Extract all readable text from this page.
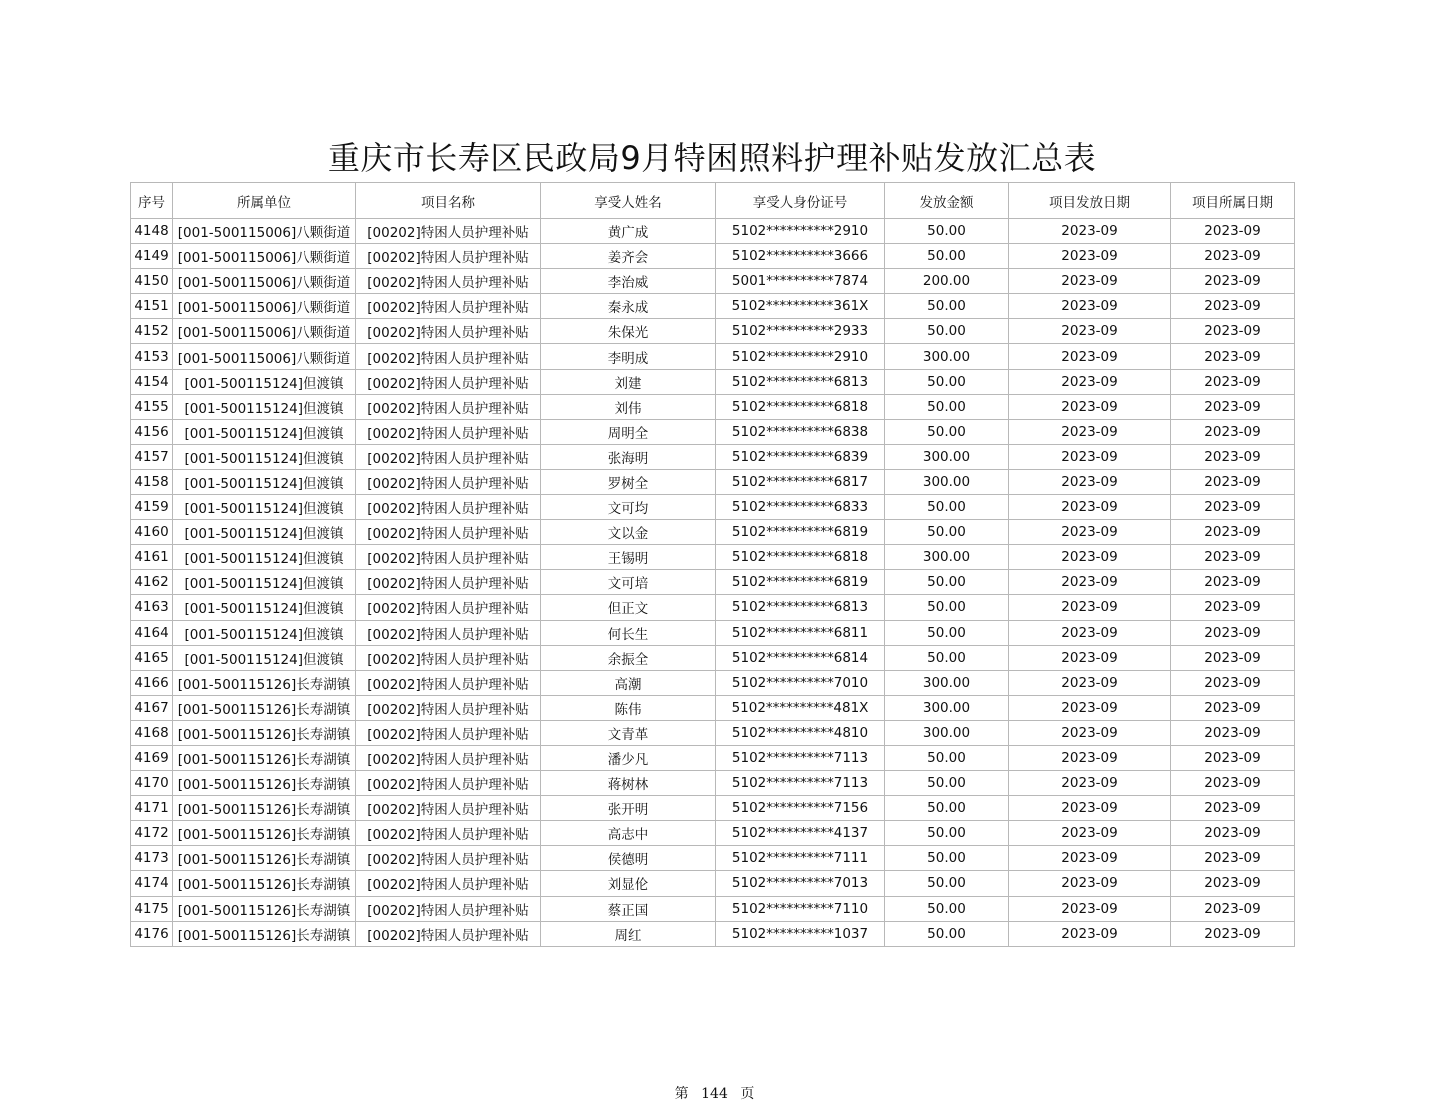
重庆市长寿区民政局9月特困照料护理补贴发放汇总表
序号	所属单位	项目名称	享受人姓名	享受人身份证号	发放金额	项目发放日期	项目所属日期
4148	[001-500115006]八颗街道	[00202]特困人员护理补贴	黄广成	5102**********2910	50.00	2023-09	2023-09
4149	[001-500115006]八颗街道	[00202]特困人员护理补贴	姜齐会	5102**********3666	50.00	2023-09	2023-09
4150	[001-500115006]八颗街道	[00202]特困人员护理补贴	李治威	5001**********7874	200.00	2023-09	2023-09
4151	[001-500115006]八颗街道	[00202]特困人员护理补贴	秦永成	5102**********361X	50.00	2023-09	2023-09
4152	[001-500115006]八颗街道	[00202]特困人员护理补贴	朱保光	5102**********2933	50.00	2023-09	2023-09
4153	[001-500115006]八颗街道	[00202]特困人员护理补贴	李明成	5102**********2910	300.00	2023-09	2023-09
4154	[001-500115124]但渡镇	[00202]特困人员护理补贴	刘建	5102**********6813	50.00	2023-09	2023-09
4155	[001-500115124]但渡镇	[00202]特困人员护理补贴	刘伟	5102**********6818	50.00	2023-09	2023-09
4156	[001-500115124]但渡镇	[00202]特困人员护理补贴	周明全	5102**********6838	50.00	2023-09	2023-09
4157	[001-500115124]但渡镇	[00202]特困人员护理补贴	张海明	5102**********6839	300.00	2023-09	2023-09
4158	[001-500115124]但渡镇	[00202]特困人员护理补贴	罗树全	5102**********6817	300.00	2023-09	2023-09
4159	[001-500115124]但渡镇	[00202]特困人员护理补贴	文可均	5102**********6833	50.00	2023-09	2023-09
4160	[001-500115124]但渡镇	[00202]特困人员护理补贴	文以金	5102**********6819	50.00	2023-09	2023-09
4161	[001-500115124]但渡镇	[00202]特困人员护理补贴	王锡明	5102**********6818	300.00	2023-09	2023-09
4162	[001-500115124]但渡镇	[00202]特困人员护理补贴	文可培	5102**********6819	50.00	2023-09	2023-09
4163	[001-500115124]但渡镇	[00202]特困人员护理补贴	但正文	5102**********6813	50.00	2023-09	2023-09
4164	[001-500115124]但渡镇	[00202]特困人员护理补贴	何长生	5102**********6811	50.00	2023-09	2023-09
4165	[001-500115124]但渡镇	[00202]特困人员护理补贴	余振全	5102**********6814	50.00	2023-09	2023-09
4166	[001-500115126]长寿湖镇	[00202]特困人员护理补贴	高潮	5102**********7010	300.00	2023-09	2023-09
4167	[001-500115126]长寿湖镇	[00202]特困人员护理补贴	陈伟	5102**********481X	300.00	2023-09	2023-09
4168	[001-500115126]长寿湖镇	[00202]特困人员护理补贴	文青革	5102**********4810	300.00	2023-09	2023-09
4169	[001-500115126]长寿湖镇	[00202]特困人员护理补贴	潘少凡	5102**********7113	50.00	2023-09	2023-09
4170	[001-500115126]长寿湖镇	[00202]特困人员护理补贴	蒋树林	5102**********7113	50.00	2023-09	2023-09
4171	[001-500115126]长寿湖镇	[00202]特困人员护理补贴	张开明	5102**********7156	50.00	2023-09	2023-09
4172	[001-500115126]长寿湖镇	[00202]特困人员护理补贴	高志中	5102**********4137	50.00	2023-09	2023-09
4173	[001-500115126]长寿湖镇	[00202]特困人员护理补贴	侯德明	5102**********7111	50.00	2023-09	2023-09
4174	[001-500115126]长寿湖镇	[00202]特困人员护理补贴	刘显伦	5102**********7013	50.00	2023-09	2023-09
4175	[001-500115126]长寿湖镇	[00202]特困人员护理补贴	蔡正国	5102**********7110	50.00	2023-09	2023-09
4176	[001-500115126]长寿湖镇	[00202]特困人员护理补贴	周红	5102**********1037	50.00	2023-09	2023-09
第 144 页
